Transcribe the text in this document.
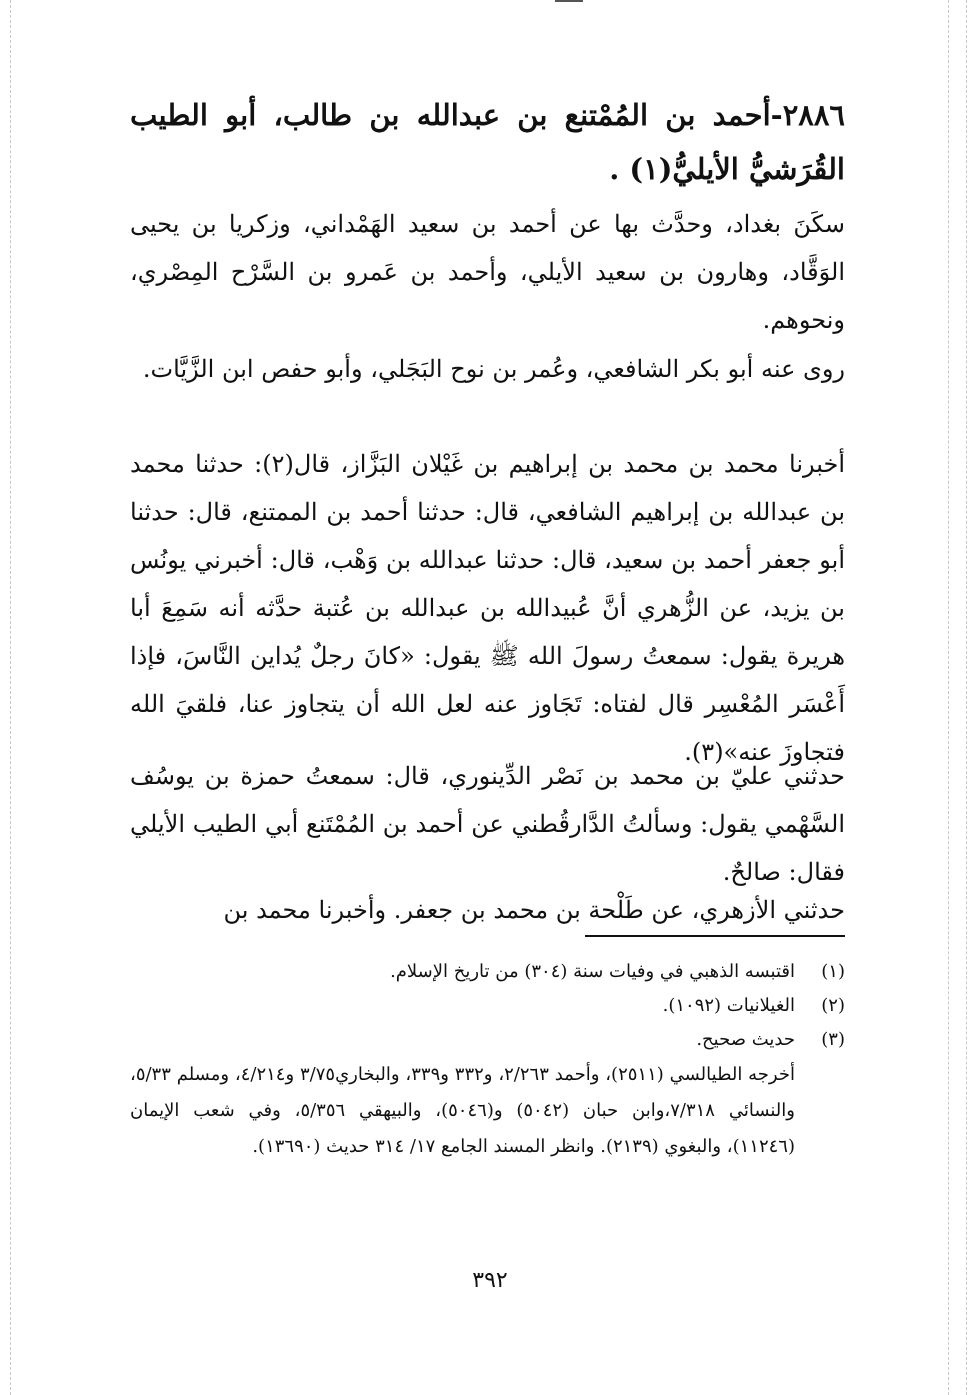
٢٨٨٦-أحمد بن المُمْتنع بن عبدالله بن طالب، أبو الطيب القُرَشيُّ الأيليُّ(١) .
سكَنَ بغداد، وحدَّث بها عن أحمد بن سعيد الهَمْداني، وزكريا بن يحيى الوَقَّاد، وهارون بن سعيد الأيلي، وأحمد بن عَمرو بن السَّرْح المِصْري، ونحوهم.
روى عنه أبو بكر الشافعي، وعُمر بن نوح البَجَلي، وأبو حفص ابن الزَّيَّات.
أخبرنا محمد بن محمد بن إبراهيم بن غَيْلان البَزَّاز، قال(٢): حدثنا محمد بن عبدالله بن إبراهيم الشافعي، قال: حدثنا أحمد بن الممتنع، قال: حدثنا أبو جعفر أحمد بن سعيد، قال: حدثنا عبدالله بن وَهْب، قال: أخبرني يونُس بن يزيد، عن الزُّهري أنَّ عُبيدالله بن عبدالله بن عُتبة حدَّثه أنه سَمِعَ أبا هريرة يقول: سمعتُ رسولَ الله ﷺ يقول: «كانَ رجلٌ يُداين النَّاسَ، فإذا أَعْسَر المُعْسِر قال لفتاه: تَجَاوز عنه لعل الله أن يتجاوز عنا، فلقيَ الله فتجاوزَ عنه»(٣).
حدثني عليّ بن محمد بن نَصْر الدِّينوري، قال: سمعتُ حمزة بن يوسُف السَّهْمي يقول: وسألتُ الدَّارقُطني عن أحمد بن المُمْتَنع أبي الطيب الأيلي فقال: صالحٌ.
حدثني الأزهري، عن طَلْحة بن محمد بن جعفر. وأخبرنا محمد بن
(١)
اقتبسه الذهبي في وفيات سنة (٣٠٤) من تاريخ الإسلام.
(٢)
الغيلانيات (١٠٩٢).
(٣)
حديث صحيح.
أخرجه الطيالسي (٢٥١١)، وأحمد ٢/٢٦٣، و٣٣٢ و٣٣٩، والبخاري٣/٧٥ و٤/٢١٤، ومسلم ٥/٣٣، والنسائي ٧/٣١٨،وابن حبان (٥٠٤٢) و(٥٠٤٦)، والبيهقي ٥/٣٥٦، وفي شعب الإيمان (١١٢٤٦)، والبغوي (٢١٣٩). وانظر المسند الجامع ١٧/ ٣١٤ حديث (١٣٦٩٠).
٣٩٢
